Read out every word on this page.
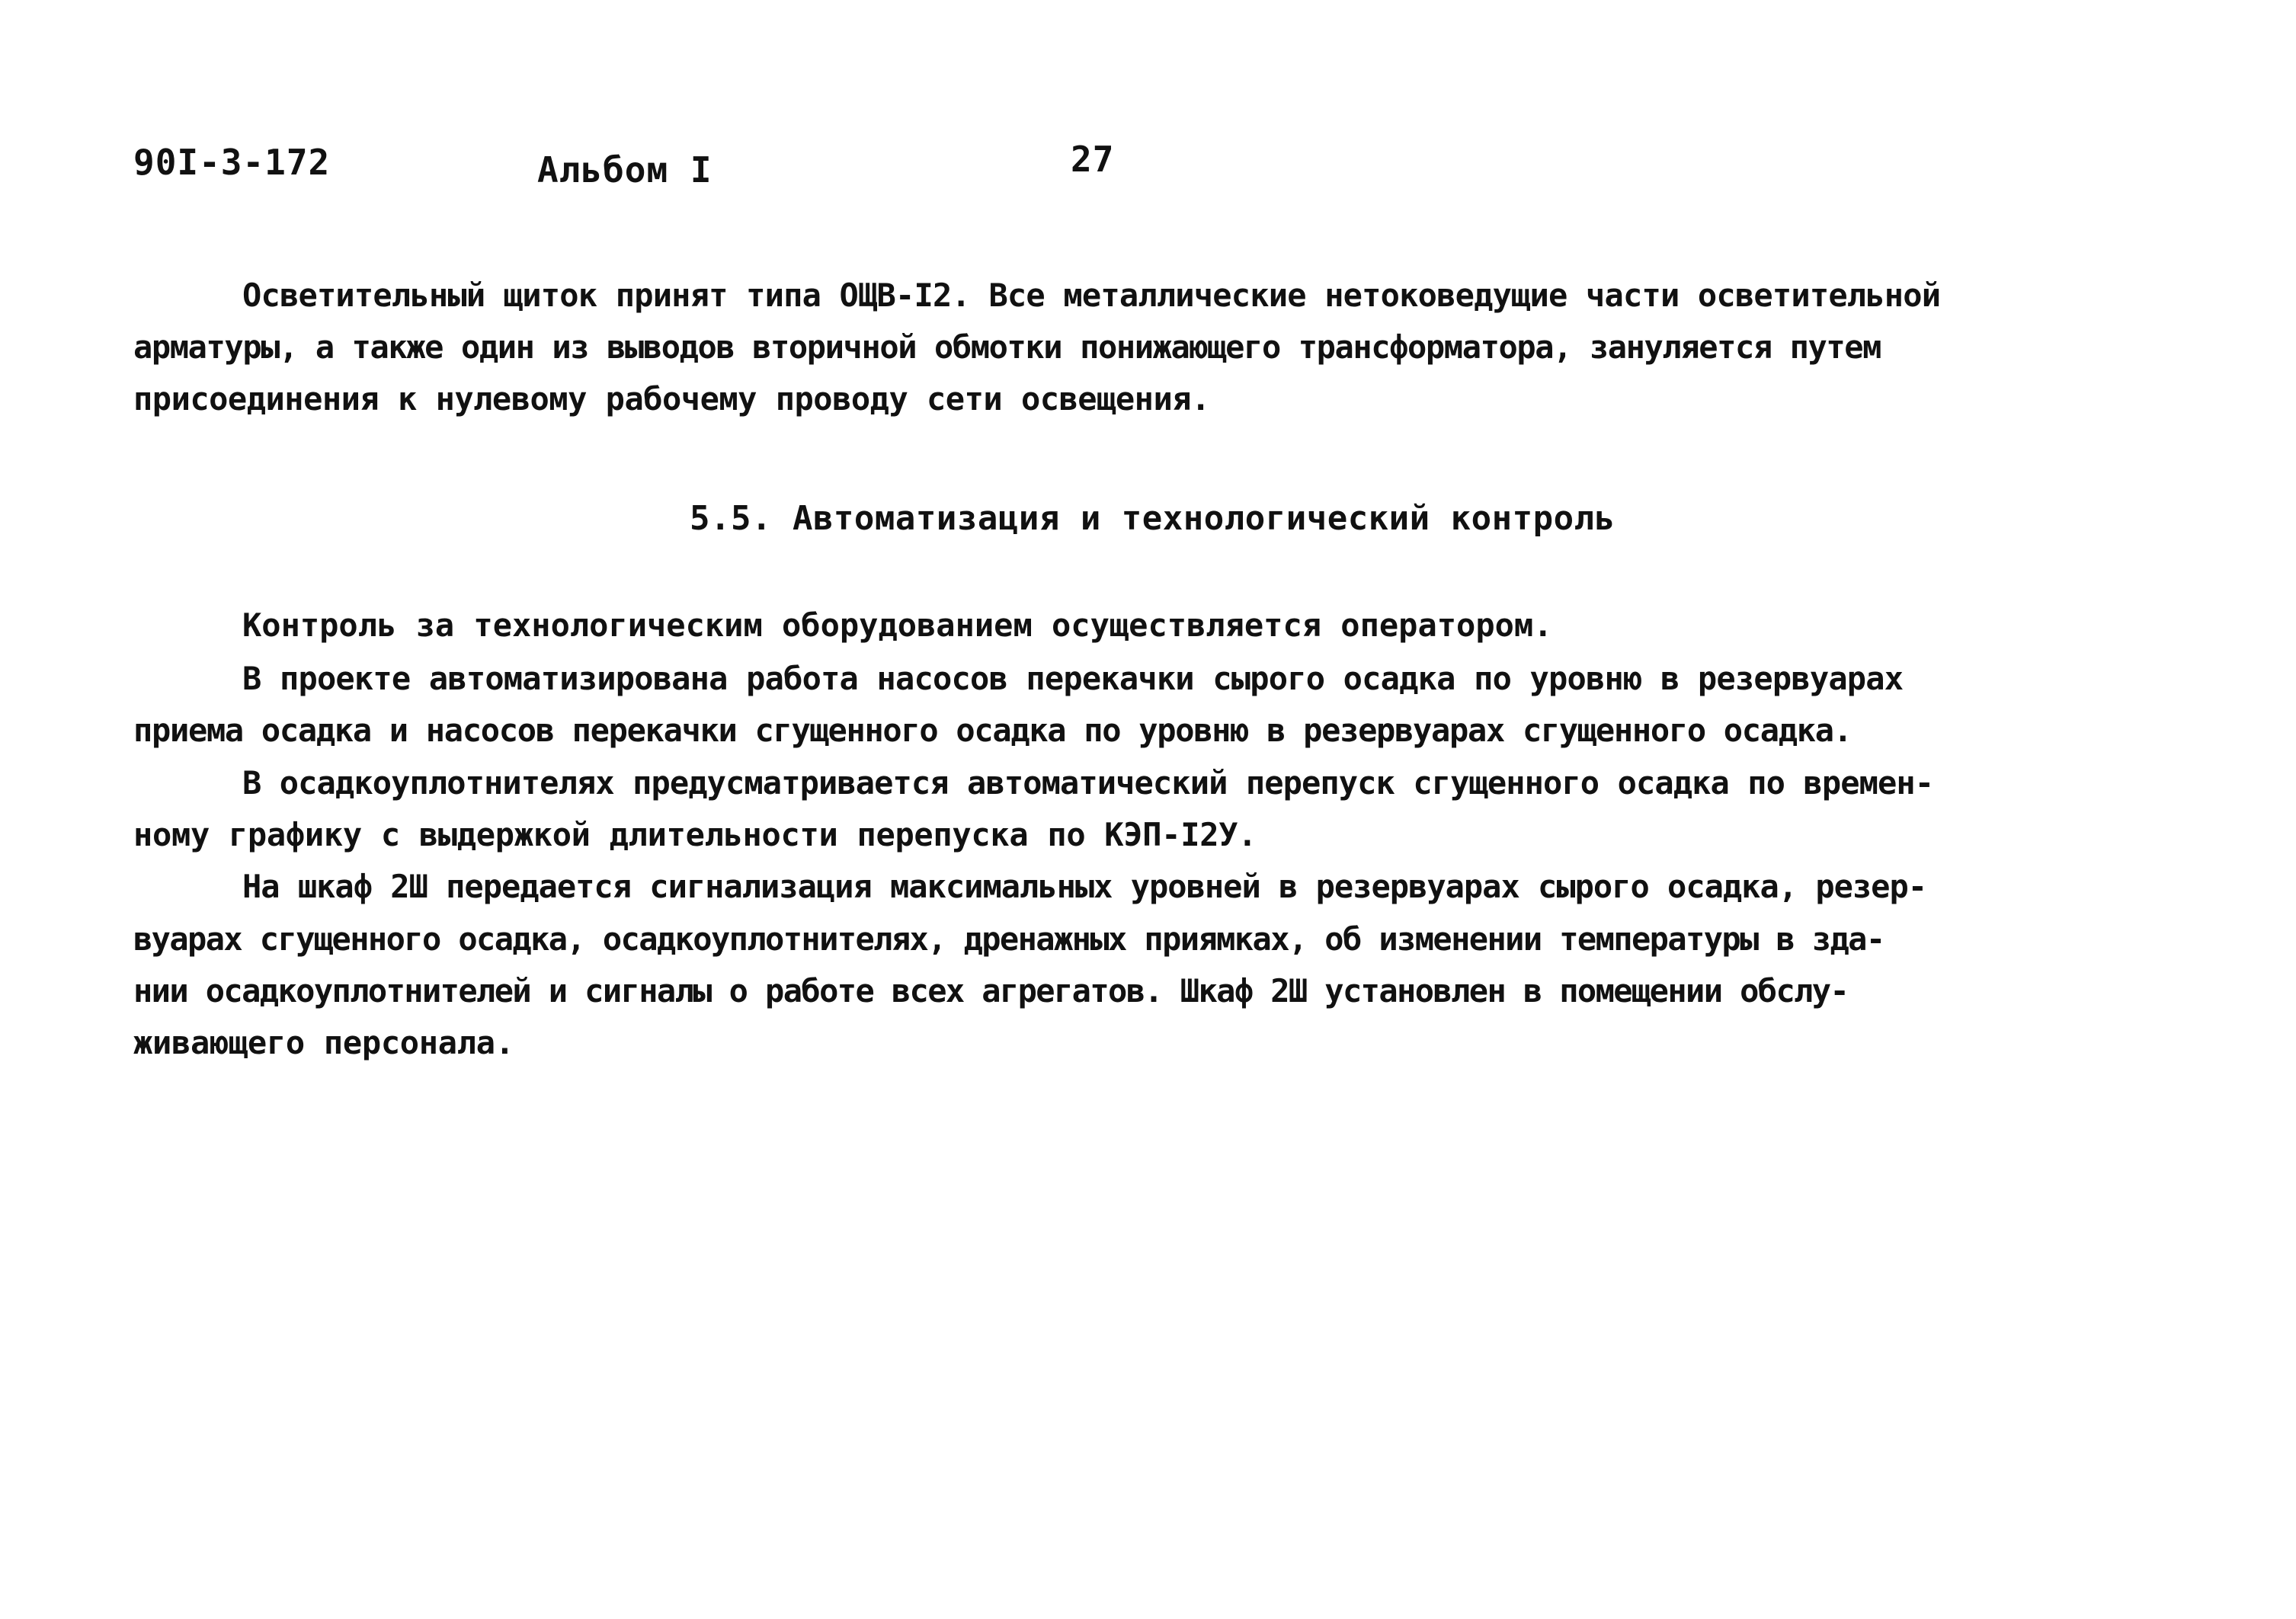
90I-3-172	Альбом I	27
Осветительный щиток принят типа ОЩВ-I2. Все металлические нетоковедущие части осветительной
арматуры, а также один из выводов вторичной обмотки понижающего трансформатора, зануляется путем
присоединения к нулевому рабочему проводу сети освещения.
5.5. Автоматизация и технологический контроль
Контроль за технологическим оборудованием осуществляется оператором.
В проекте автоматизирована работа насосов перекачки сырого осадка по уровню в резервуарах
приема осадка и насосов перекачки сгущенного осадка по уровню в резервуарах сгущенного осадка.
В осадкоуплотнителях предусматривается автоматический перепуск сгущенного осадка по времен-
ному графику с выдержкой длительности перепуска по КЭП-I2У.
На шкаф 2Ш передается сигнализация максимальных уровней в резервуарах сырого осадка, резер-
вуарах сгущенного осадка, осадкоуплотнителях, дренажных приямках, об изменении температуры в зда-
нии осадкоуплотнителей и сигналы о работе всех агрегатов. Шкаф 2Ш установлен в помещении обслу-
живающего персонала.
